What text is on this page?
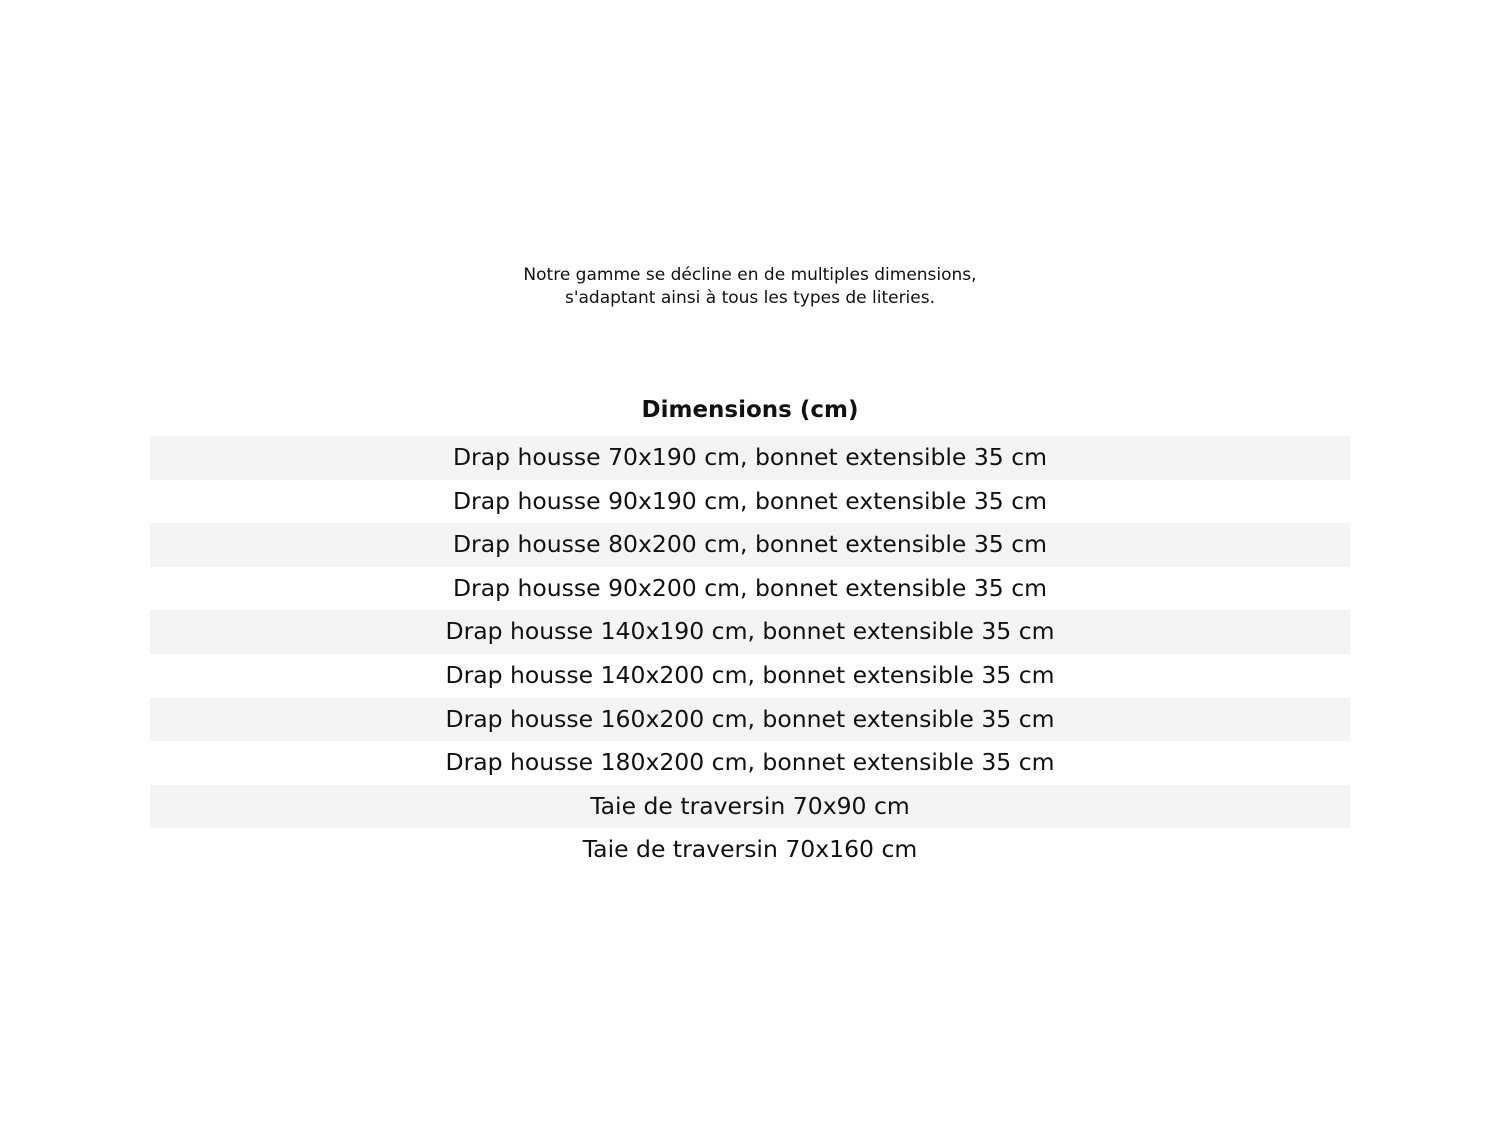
Notre gamme se décline en de multiples dimensions,
s'adaptant ainsi à tous les types de literies.
Dimensions (cm)
Drap housse 70x190 cm, bonnet extensible 35 cm
Drap housse 90x190 cm, bonnet extensible 35 cm
Drap housse 80x200 cm, bonnet extensible 35 cm
Drap housse 90x200 cm, bonnet extensible 35 cm
Drap housse 140x190 cm, bonnet extensible 35 cm
Drap housse 140x200 cm, bonnet extensible 35 cm
Drap housse 160x200 cm, bonnet extensible 35 cm
Drap housse 180x200 cm, bonnet extensible 35 cm
Taie de traversin 70x90 cm
Taie de traversin 70x160 cm
